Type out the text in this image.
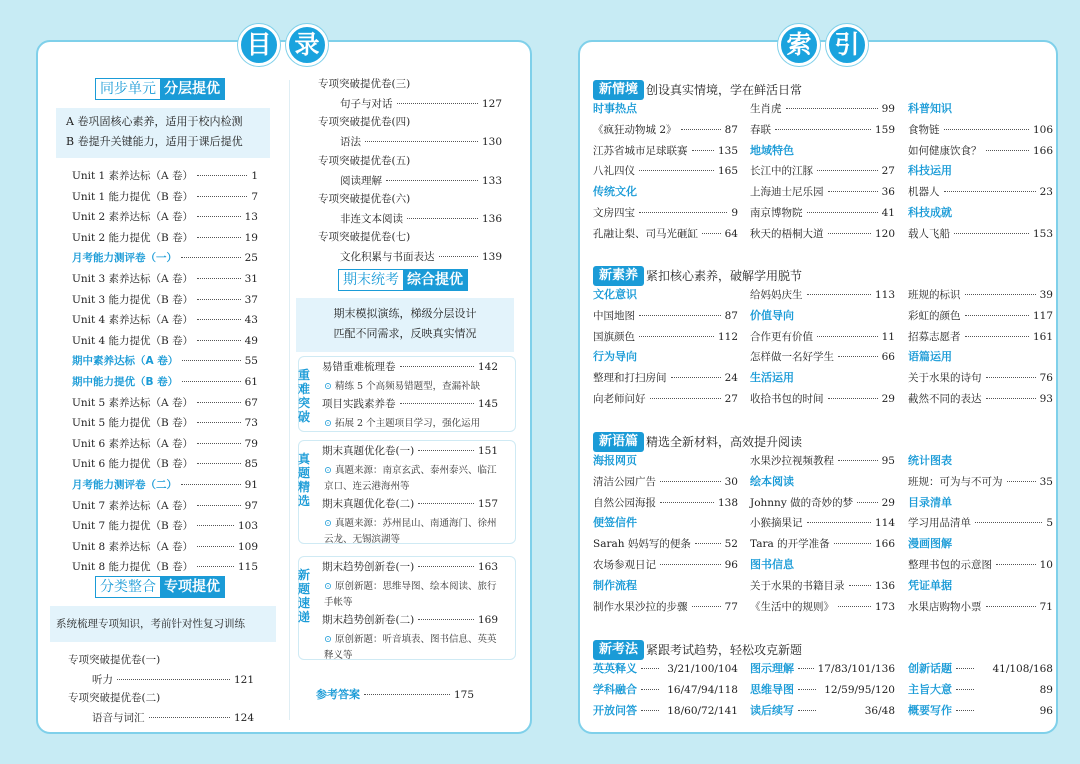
目 录	索 引
同步单元 分层提优
A 卷巩固核心素养，适用于校内检测
B 卷提升关键能力，适用于课后提优
Unit 1 素养达标（A 卷）	1
Unit 1 能力提优（B 卷）	7
Unit 2 素养达标（A 卷）	13
Unit 2 能力提优（B 卷）	19
月考能力测评卷（一）	25
Unit 3 素养达标（A 卷）	31
Unit 3 能力提优（B 卷）	37
Unit 4 素养达标（A 卷）	43
Unit 4 能力提优（B 卷）	49
期中素养达标（A 卷）	55
期中能力提优（B 卷）	61
Unit 5 素养达标（A 卷）	67
Unit 5 能力提优（B 卷）	73
Unit 6 素养达标（A 卷）	79
Unit 6 能力提优（B 卷）	85
月考能力测评卷（二）	91
Unit 7 素养达标（A 卷）	97
Unit 7 能力提优（B 卷）	103
Unit 8 素养达标（A 卷）	109
Unit 8 能力提优（B 卷）	115
分类整合 专项提优
系统梳理专项知识，考前针对性复习训练
专项突破提优卷(一)
听力	121
专项突破提优卷(二)
语音与词汇	124
专项突破提优卷(三)
句子与对话	127
专项突破提优卷(四)
语法	130
专项突破提优卷(五)
阅读理解	133
专项突破提优卷(六)
非连文本阅读	136
专项突破提优卷(七)
文化积累与书面表达	139
期末统考 综合提优
期末模拟演练，梯级分层设计
匹配不同需求，反映真实情况
重
难
突
破
易错重难梳理卷	142
⊙ 精练 5 个高频易错题型，查漏补缺
项目实践素养卷	145
⊙ 拓展 2 个主题项目学习，强化运用
真
题
精
选
期末真题优化卷(一)	151
⊙ 真题来源：南京玄武、泰州泰兴、临江
京口、连云港海州等
期末真题优化卷(二)	157
⊙ 真题来源：苏州昆山、南通海门、徐州
云龙、无锡滨湖等
新
题
速
递
期末趋势创新卷(一)	163
⊙ 原创新题：思维导图、绘本阅读、旅行
手帐等
期末趋势创新卷(二)	169
⊙ 原创新题：听音填表、图书信息、英英
释义等
参考答案	175
新情境 创设真实情境，学在鲜活日常
时事热点
《疯狂动物城 2》	87
江苏省城市足球联赛	135
八礼四仪	165
传统文化
文房四宝	9
孔融让梨、司马光砸缸	64
生肖虎	99
春联	159
地域特色
长江中的江豚	27
上海迪士尼乐园	36
南京博物院	41
秋天的梧桐大道	120
科普知识
食物链	106
如何健康饮食？	166
科技运用
机器人	23
科技成就
载人飞船	153
新素养 紧扣核心素养，破解学用脱节
文化意识
中国地图	87
国旗颜色	112
行为导向
整理和打扫房间	24
向老师问好	27
给妈妈庆生	113
价值导向
合作更有价值	11
怎样做一名好学生	66
生活运用
收拾书包的时间	29
班规的标识	39
彩虹的颜色	117
招募志愿者	161
语篇运用
关于水果的诗句	76
截然不同的表达	93
新语篇 精选全新材料，高效提升阅读
海报网页
清洁公园广告	30
自然公园海报	138
便签信件
Sarah 妈妈写的便条	52
农场参观日记	96
制作流程
制作水果沙拉的步骤	77
水果沙拉视频教程	95
绘本阅读
Johnny 做的奇妙的梦	29
小猴摘果记	114
Tara 的开学准备	166
图书信息
关于水果的书籍目录	136
《生活中的规则》	173
统计图表
班规：可为与不可为	35
目录清单
学习用品清单	5
漫画图解
整理书包的示意图	10
凭证单据
水果店购物小票	71
新考法 紧跟考试趋势，轻松攻克新题
英英释义	3/21/100/104
学科融合	16/47/94/118
开放问答	18/60/72/141
图示理解 17/83/101/136
思维导图	12/59/95/120
读后续写	36/48
创新话题	41/108/168
主旨大意	89
概要写作	96
